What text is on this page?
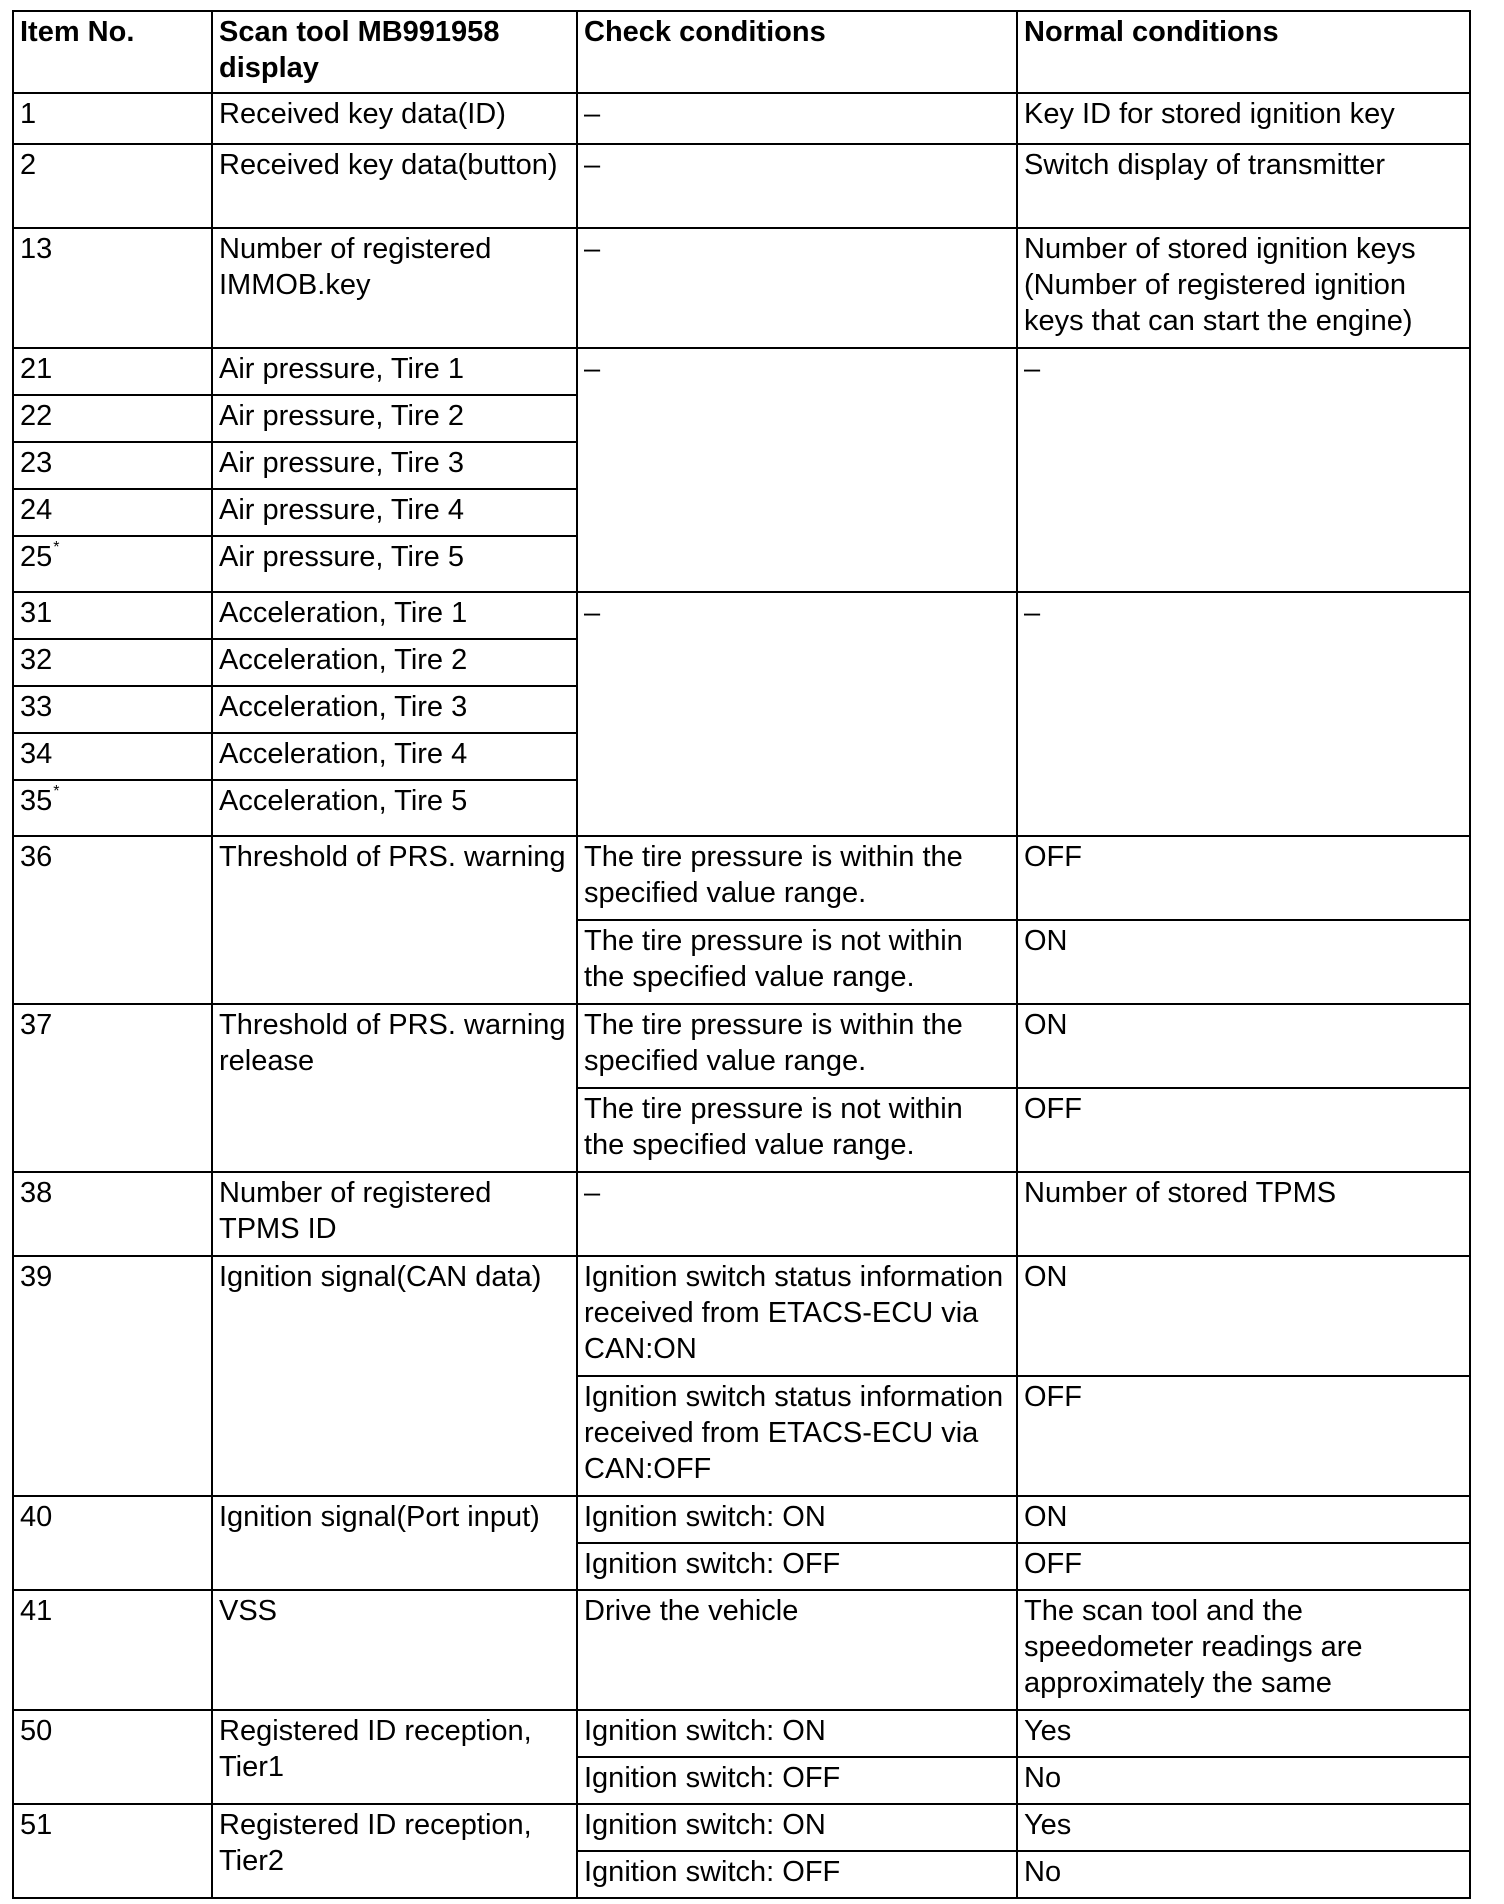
Item No.	Scan tool MB991958 display	Check conditions	Normal conditions
1	Received key data(ID)	–	Key ID for stored ignition key
2	Received key data(button)	–	Switch display of transmitter
13	Number of registered IMMOB.key	–	Number of stored ignition keys (Number of registered ignition keys that can start the engine)
21	Air pressure, Tire 1	–	–
22	Air pressure, Tire 2		
23	Air pressure, Tire 3		
24	Air pressure, Tire 4		
25*	Air pressure, Tire 5		
31	Acceleration, Tire 1	–	–
32	Acceleration, Tire 2		
33	Acceleration, Tire 3		
34	Acceleration, Tire 4		
35*	Acceleration, Tire 5		
36	Threshold of PRS. warning	The tire pressure is within the specified value range.	OFF
		The tire pressure is not within the specified value range.	ON
37	Threshold of PRS. warning release	The tire pressure is within the specified value range.	ON
		The tire pressure is not within the specified value range.	OFF
38	Number of registered TPMS ID	–	Number of stored TPMS
39	Ignition signal(CAN data)	Ignition switch status information received from ETACS-ECU via CAN:ON	ON
		Ignition switch status information received from ETACS-ECU via CAN:OFF	OFF
40	Ignition signal(Port input)	Ignition switch: ON	ON
		Ignition switch: OFF	OFF
41	VSS	Drive the vehicle	The scan tool and the speedometer readings are approximately the same
50	Registered ID reception, Tier1	Ignition switch: ON	Yes
		Ignition switch: OFF	No
51	Registered ID reception, Tier2	Ignition switch: ON	Yes
		Ignition switch: OFF	No
